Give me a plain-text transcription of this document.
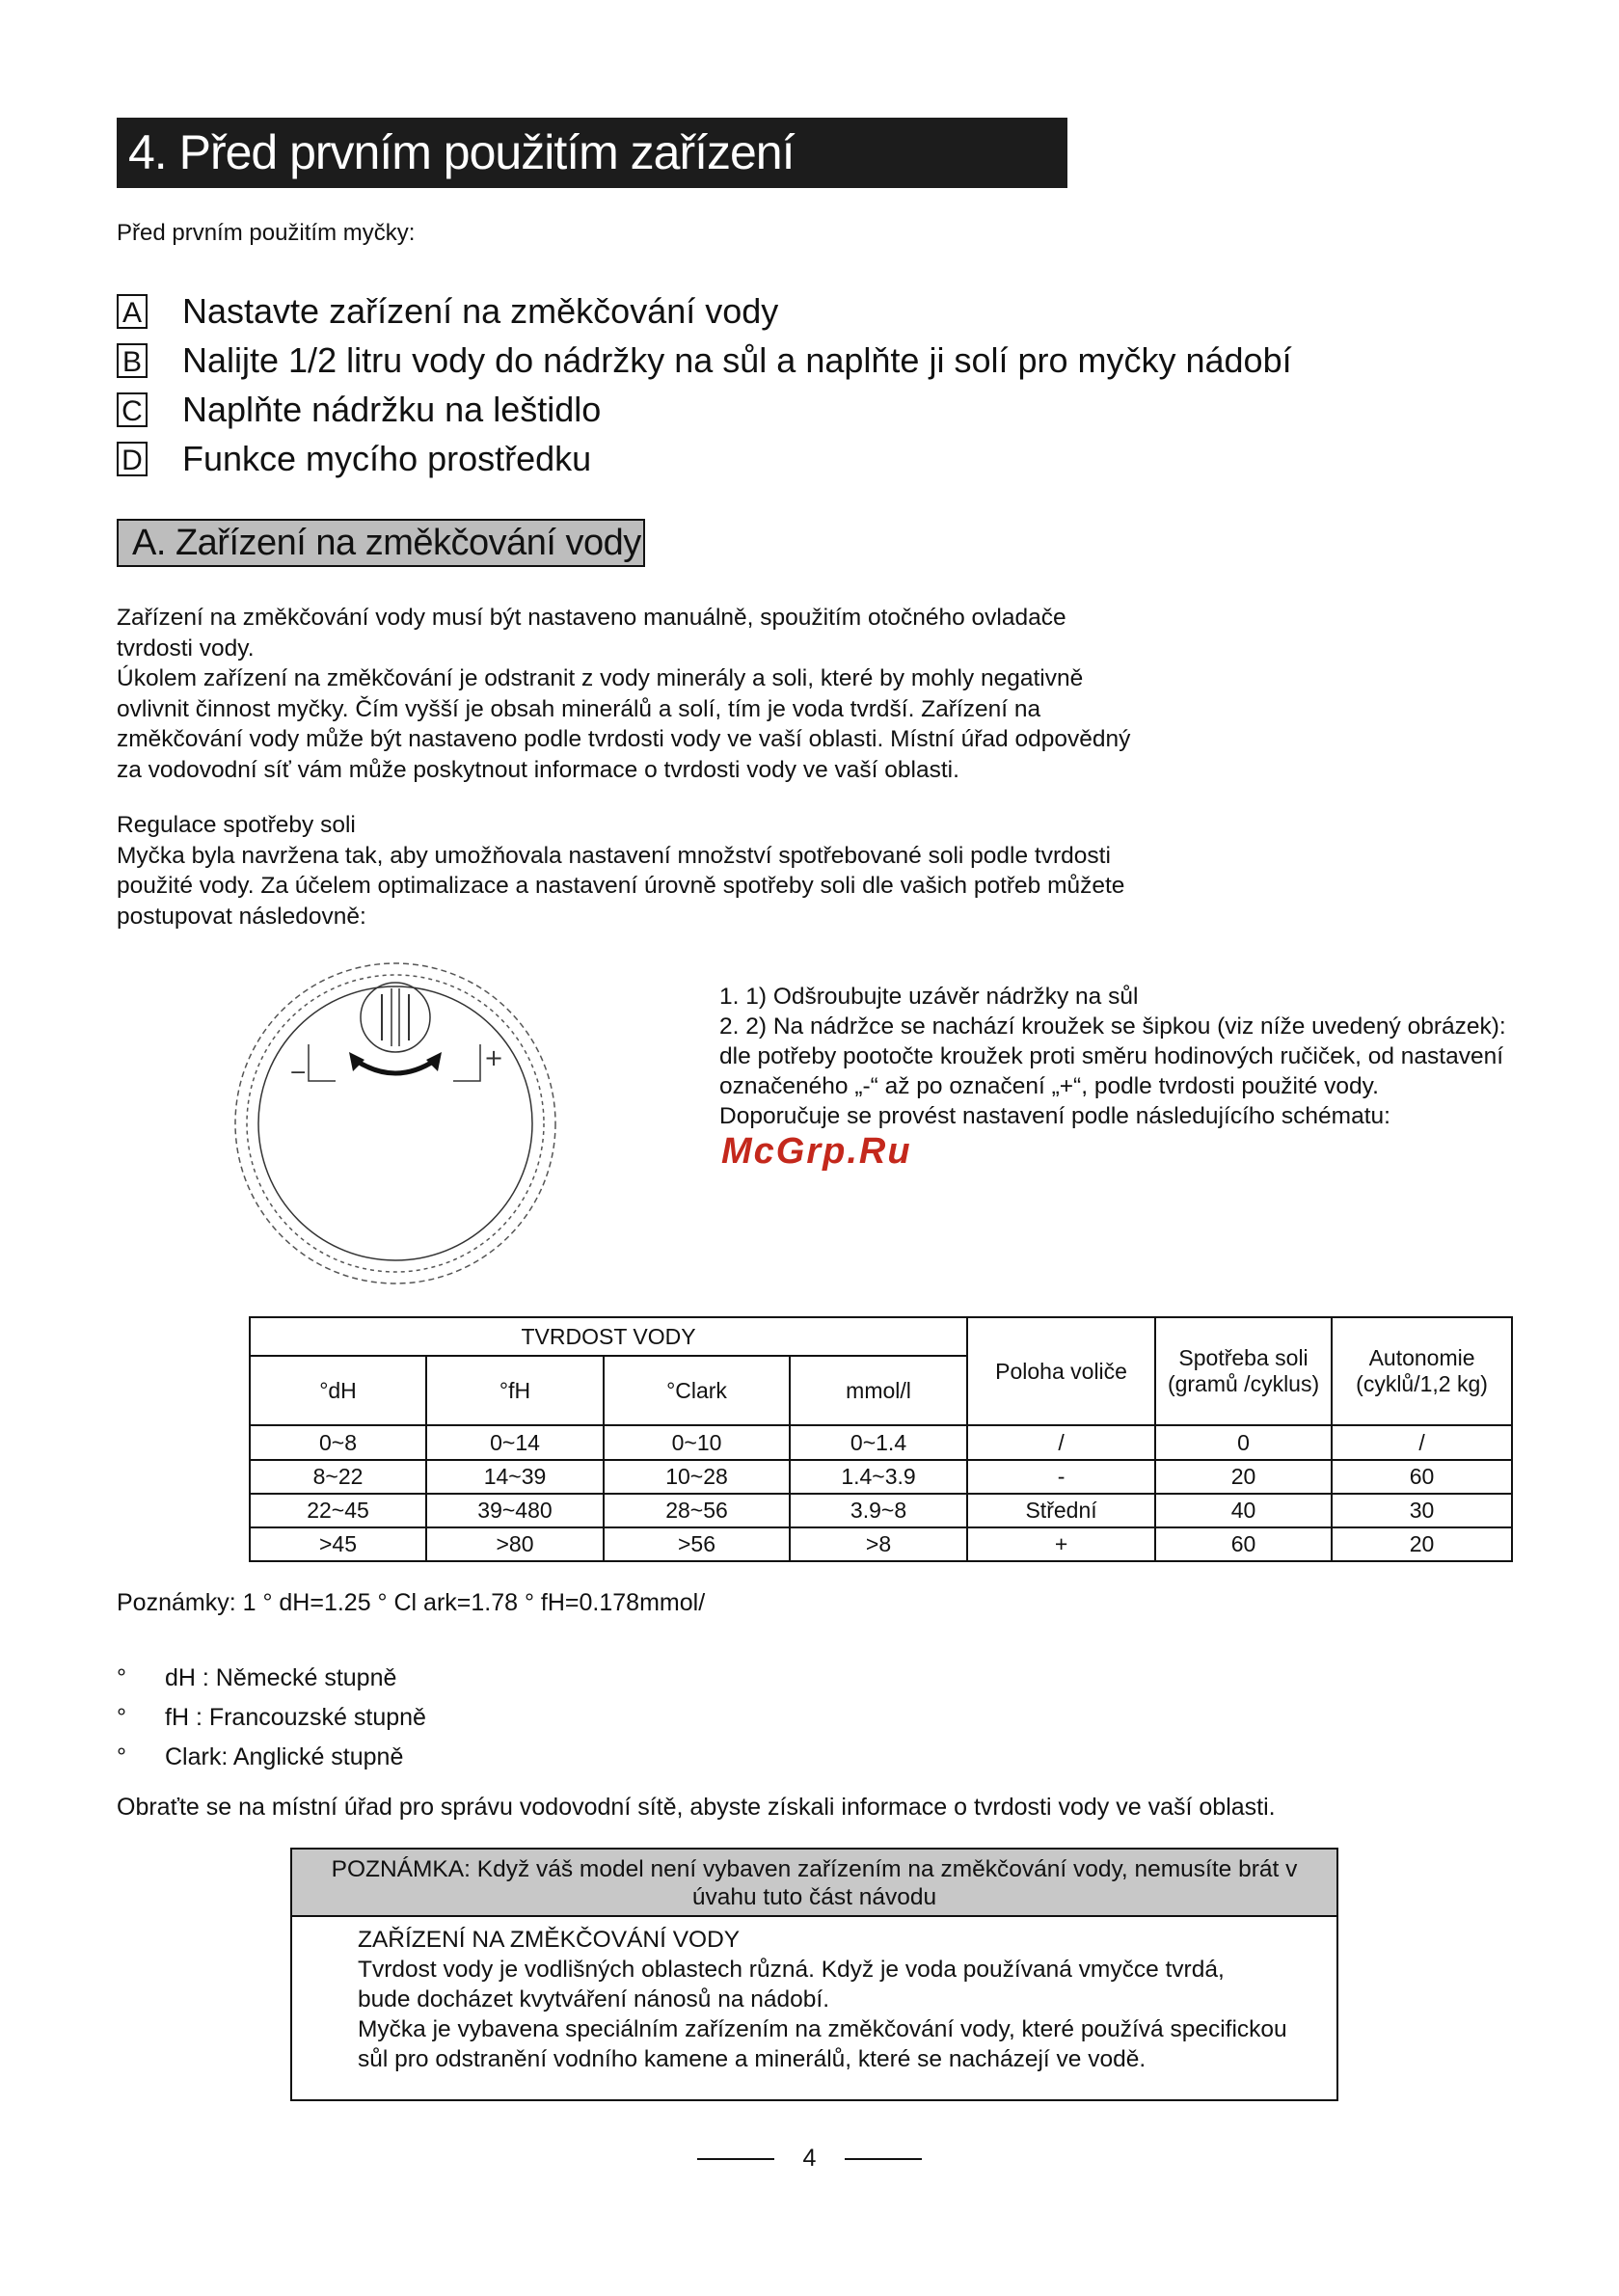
4. Před prvním použitím zařízení
Před prvním použitím myčky:
A Nastavte zařízení na změkčování vody
B Nalijte 1/2 litru vody do nádržky na sůl a naplňte ji solí pro myčky nádobí
C Naplňte nádržku na leštidlo
D Funkce mycího prostředku
A. Zařízení na změkčování vody

Zařízení na změkčování vody musí být nastaveno manuálně, spoužitím otočného ovladače

tvrdosti vody.

Úkolem zařízení na změkčování je odstranit z vody minerály a soli, které by mohly negativně

ovlivnit činnost myčky. Čím vyšší je obsah minerálů a solí, tím je voda tvrdší. Zařízení na

změkčování vody může být nastaveno podle tvrdosti vody ve vaší oblasti. Místní úřad odpovědný

za vodovodní síť vám může poskytnout informace o tvrdosti vody ve vaší oblasti.

Regulace spotřeby soli

Myčka byla navržena tak, aby umožňovala nastavení množství spotřebované soli podle tvrdosti

použité vody. Za účelem optimalizace a nastavení úrovně spotřeby soli dle vašich potřeb můžete

postupovat následovně:

−
+

1. 1) Odšroubujte uzávěr nádržky na sůl

2. 2) Na nádržce se nachází kroužek se šipkou (viz níže uvedený obrázek):

dle potřeby pootočte kroužek proti směru hodinových ručiček, od nastavení

označeného „-“ až po označení „+“, podle tvrdosti použité vody.

Doporučuje se provést nastavení podle následujícího schématu:

McGrp.Ru
TVRDOST VODY				Poloha voliče	Spotřeba soli (gramů /cyklus)	Autonomie (cyklů/1,2 kg)
°dH	°fH	°Clark	mmol/l			
0~8	0~14	0~10	0~1.4	/	0	/
8~22	14~39	10~28	1.4~3.9	-	20	60
22~45	39~480	28~56	3.9~8	Střední	40	30
>45	>80	>56	>8	+	60	20
Poznámky: 1 ° dH=1.25 ° Cl ark=1.78 ° fH=0.178mmol/
°	dH : Německé stupně
°	fH : Francouzské stupně
°	Clark: Anglické stupně
Obraťte se na místní úřad pro správu vodovodní sítě, abyste získali informace o tvrdosti vody ve vaší oblasti.
POZNÁMKA: Když váš model není vybaven zařízením na změkčování vody, nemusíte brát v úvahu tuto část návodu

ZAŘÍZENÍ NA ZMĚKČOVÁNÍ VODY

Tvrdost vody je vodlišných oblastech různá. Když je voda používaná vmyčce tvrdá,

bude docházet kvytváření nánosů na nádobí.

Myčka je vybavena speciálním zařízením na změkčování vody, které používá specifickou

sůl pro odstranění vodního kamene a minerálů, které se nacházejí ve vodě.

4
